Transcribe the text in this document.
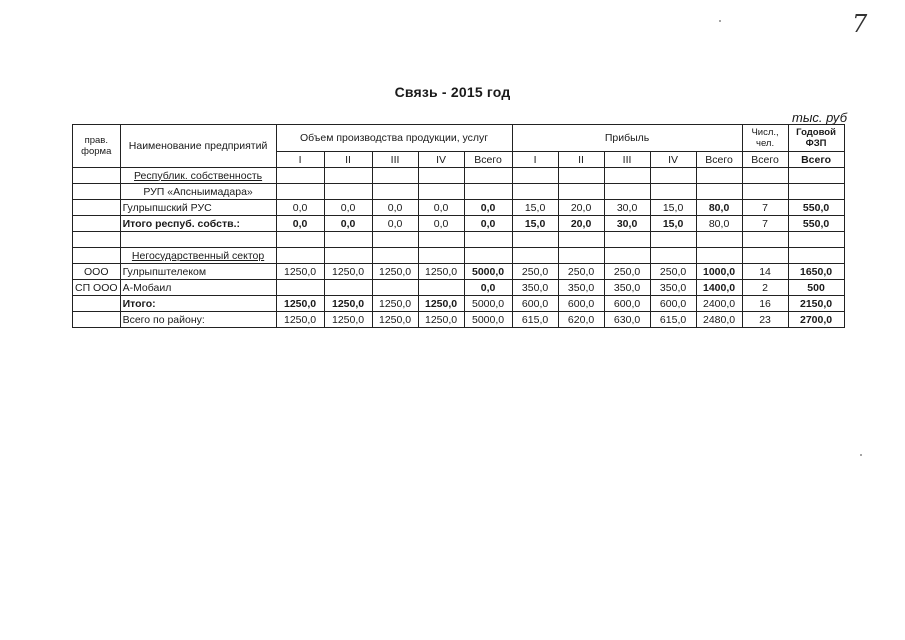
7
Связь - 2015 год
тыс. руб
прав. форма	Наименование предприятий	Объем производства продукции, услуг					Прибыль					Числ., чел.	Годовой
ФЗП
		I	II	III	IV	Всего	I	II	III	IV	Всего	Всего	Всего
	Республик. собственность												
	РУП «Апсныимадара»												
	Гулрыпшский РУС	0,0	0,0	0,0	0,0	0,0	15,0	20,0	30,0	15,0	80,0	7	550,0
	Итого респуб. собств.:	0,0	0,0	0,0	0,0	0,0	15,0	20,0	30,0	15,0	80,0	7	550,0

	Негосударственный сектор												
ООО	Гулрыпштелеком	1250,0	1250,0	1250,0	1250,0	5000,0	250,0	250,0	250,0	250,0	1000,0	14	1650,0
СП ООО	А-Мобаил					0,0	350,0	350,0	350,0	350,0	1400,0	2	500
	Итого:	1250,0	1250,0	1250,0	1250,0	5000,0	600,0	600,0	600,0	600,0	2400,0	16	2150,0
	Всего по району:	1250,0	1250,0	1250,0	1250,0	5000,0	615,0	620,0	630,0	615,0	2480,0	23	2700,0
